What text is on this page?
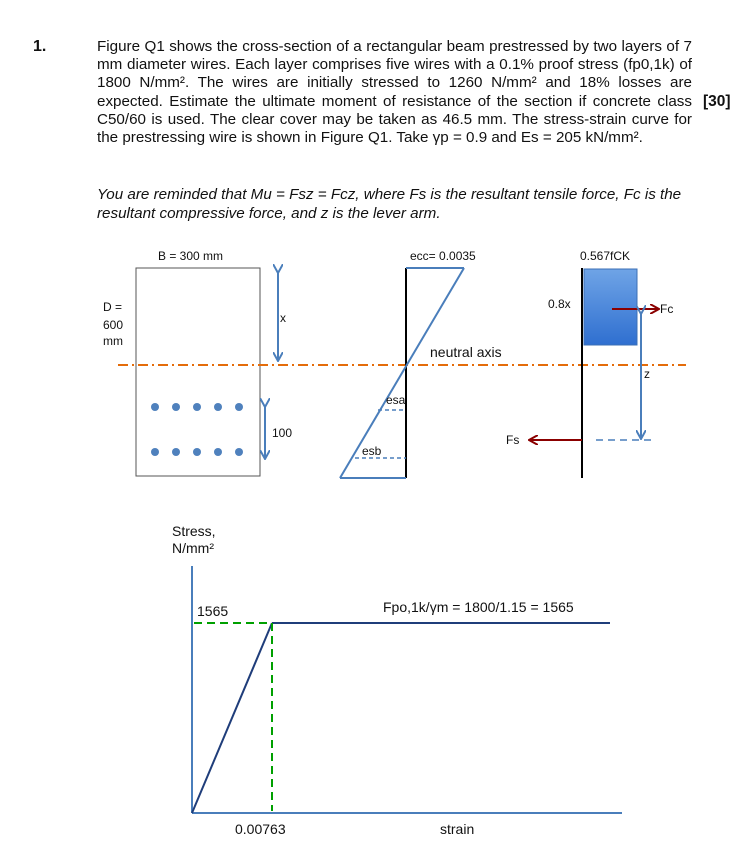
1.	Figure Q1 shows the cross-section of a rectangular beam prestressed by two layers of 7 mm diameter wires. Each layer comprises five wires with a 0.1% proof stress (fp0,1k) of 1800 N/mm². The wires are initially stressed to 1260 N/mm² and 18% losses are expected. Estimate the ultimate moment of resistance of the section if concrete class C50/60 is used. The clear cover may be taken as 46.5 mm. The stress-strain curve for the prestressing wire is shown in Figure Q1. Take γp = 0.9 and Es = 205 kN/mm².

[30]

You are reminded that Mu = Fsz = Fcz, where Fs is the resultant tensile force, Fc is the resultant compressive force, and z is the lever arm.

B = 300 mm
D =
600
mm
x
100
ecc= 0.0035
esa
esb
neutral axis
0.567fCK
0.8x	Fc
Fs
z
Stress,
N/mm²
1565
0.00763	strain
Fpo,1k/γm = 1800/1.15 = 1565
